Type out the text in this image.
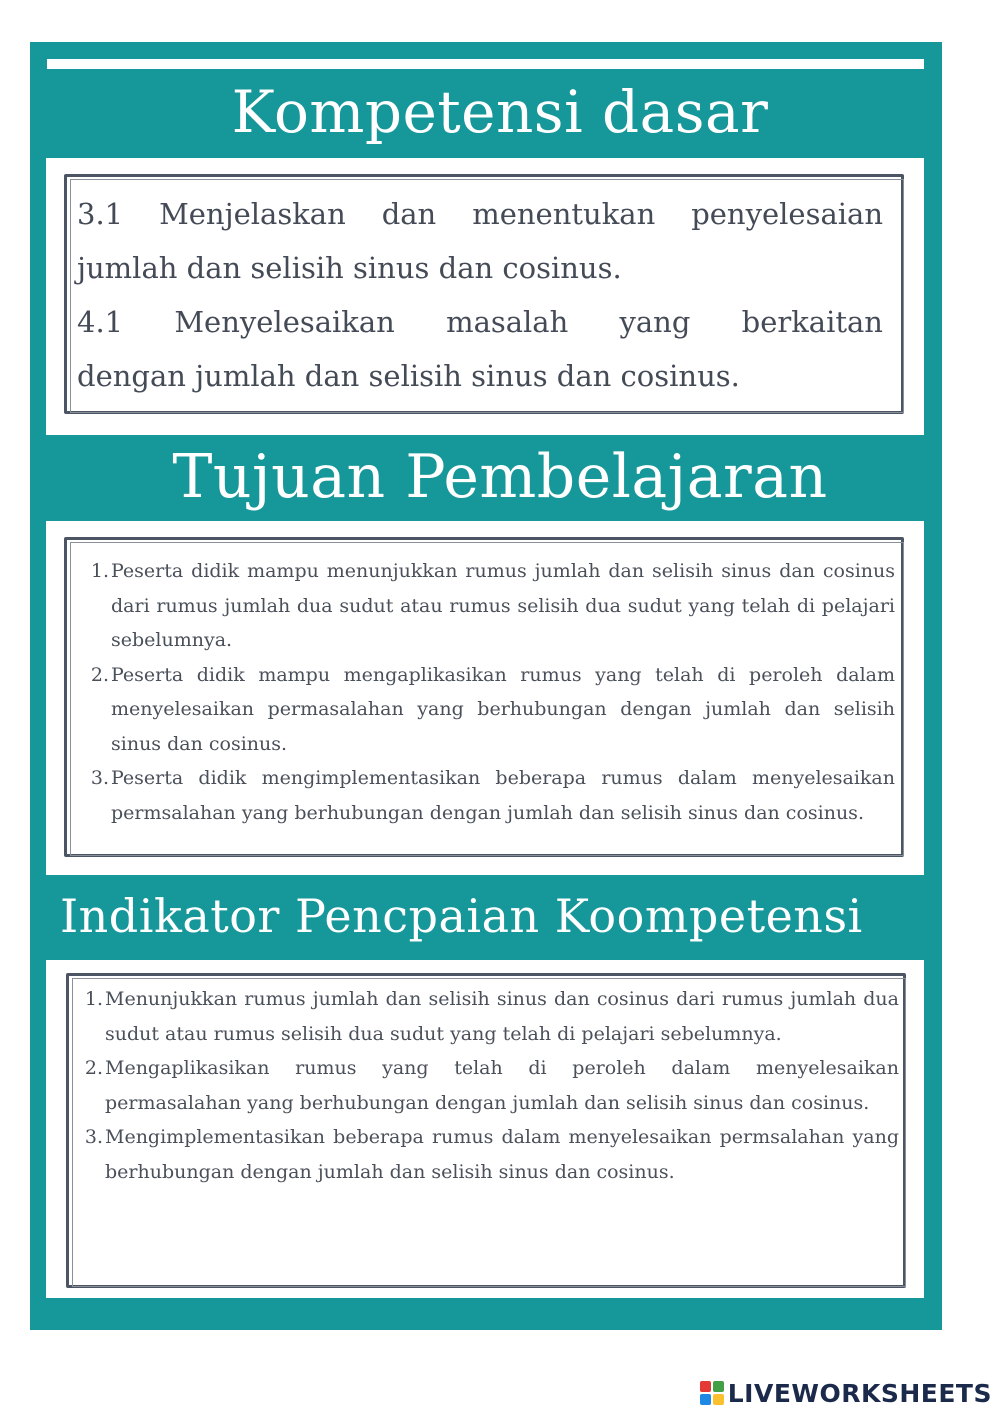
Kompetensi dasar
3.1 Menjelaskan dan menentukan penyelesaian
jumlah dan selisih sinus dan cosinus.
4.1 Menyelesaikan masalah yang berkaitan
dengan jumlah dan selisih sinus dan cosinus.
Tujuan Pembelajaran
1. Peserta didik mampu menunjukkan rumus jumlah dan selisih sinus dan cosinus dari rumus jumlah dua sudut atau rumus selisih dua sudut yang telah di pelajari sebelumnya.
2. Peserta didik mampu mengaplikasikan rumus yang telah di peroleh dalam menyelesaikan permasalahan yang berhubungan dengan jumlah dan selisih sinus dan cosinus.
3. Peserta didik mengimplementasikan beberapa rumus dalam menyelesaikan permsalahan yang berhubungan dengan jumlah dan selisih sinus dan cosinus.
Indikator Pencpaian Koompetensi
1. Menunjukkan rumus jumlah dan selisih sinus dan cosinus dari rumus jumlah dua sudut atau rumus selisih dua sudut yang telah di pelajari sebelumnya.
2. Mengaplikasikan rumus yang telah di peroleh dalam menyelesaikan permasalahan yang berhubungan dengan jumlah dan selisih sinus dan cosinus.
3. Mengimplementasikan beberapa rumus dalam menyelesaikan permsalahan yang berhubungan dengan jumlah dan selisih sinus dan cosinus.
LIVEWORKSHEETS
